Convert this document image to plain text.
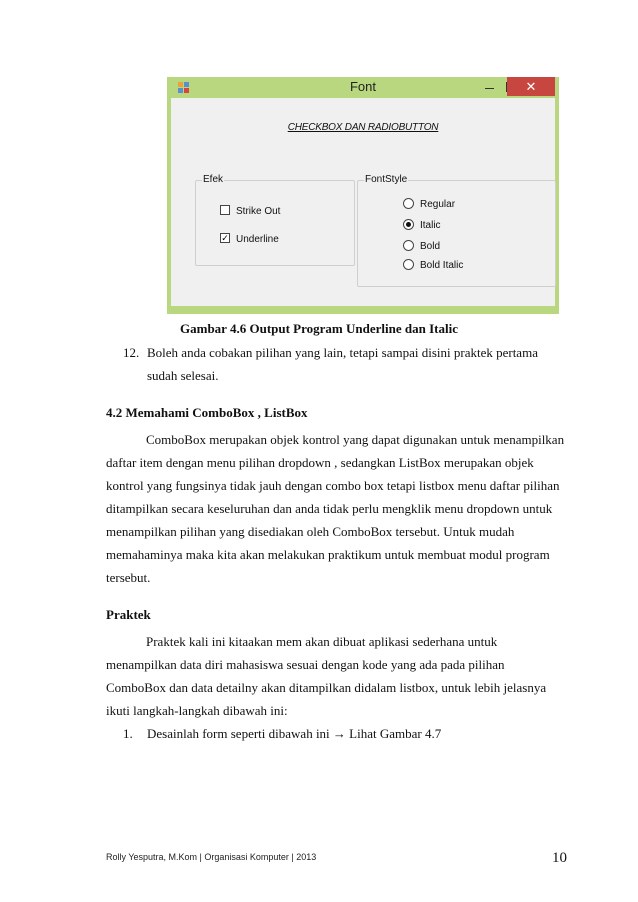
Font	✕
CHECKBOX DAN RADIOBUTTON
Efek
Strike Out
✓ Underline
FontStyle
Regular
Italic
Bold
Bold Italic
Gambar 4.6 Output Program Underline dan Italic
12. Boleh anda cobakan pilihan yang lain, tetapi sampai disini praktek pertama
sudah selesai.
4.2 Memahami ComboBox , ListBox
ComboBox merupakan objek kontrol yang dapat digunakan untuk menampilkan
daftar item dengan menu pilihan dropdown , sedangkan ListBox merupakan objek
kontrol yang fungsinya tidak jauh dengan combo box tetapi listbox menu daftar pilihan
ditampilkan secara keseluruhan dan anda tidak perlu mengklik menu dropdown untuk
menampilkan pilihan yang disediakan oleh ComboBox tersebut. Untuk mudah
memahaminya maka kita akan melakukan praktikum untuk membuat modul program
tersebut.
Praktek
Praktek kali ini kitaakan mem akan dibuat aplikasi sederhana untuk
menampilkan data diri mahasiswa sesuai dengan kode yang ada pada pilihan
ComboBox dan data detailny akan ditampilkan didalam listbox, untuk lebih jelasnya
ikuti langkah-langkah dibawah ini:
1. Desainlah form seperti dibawah ini → Lihat Gambar 4.7
Rolly Yesputra, M.Kom | Organisasi Komputer | 2013	10
